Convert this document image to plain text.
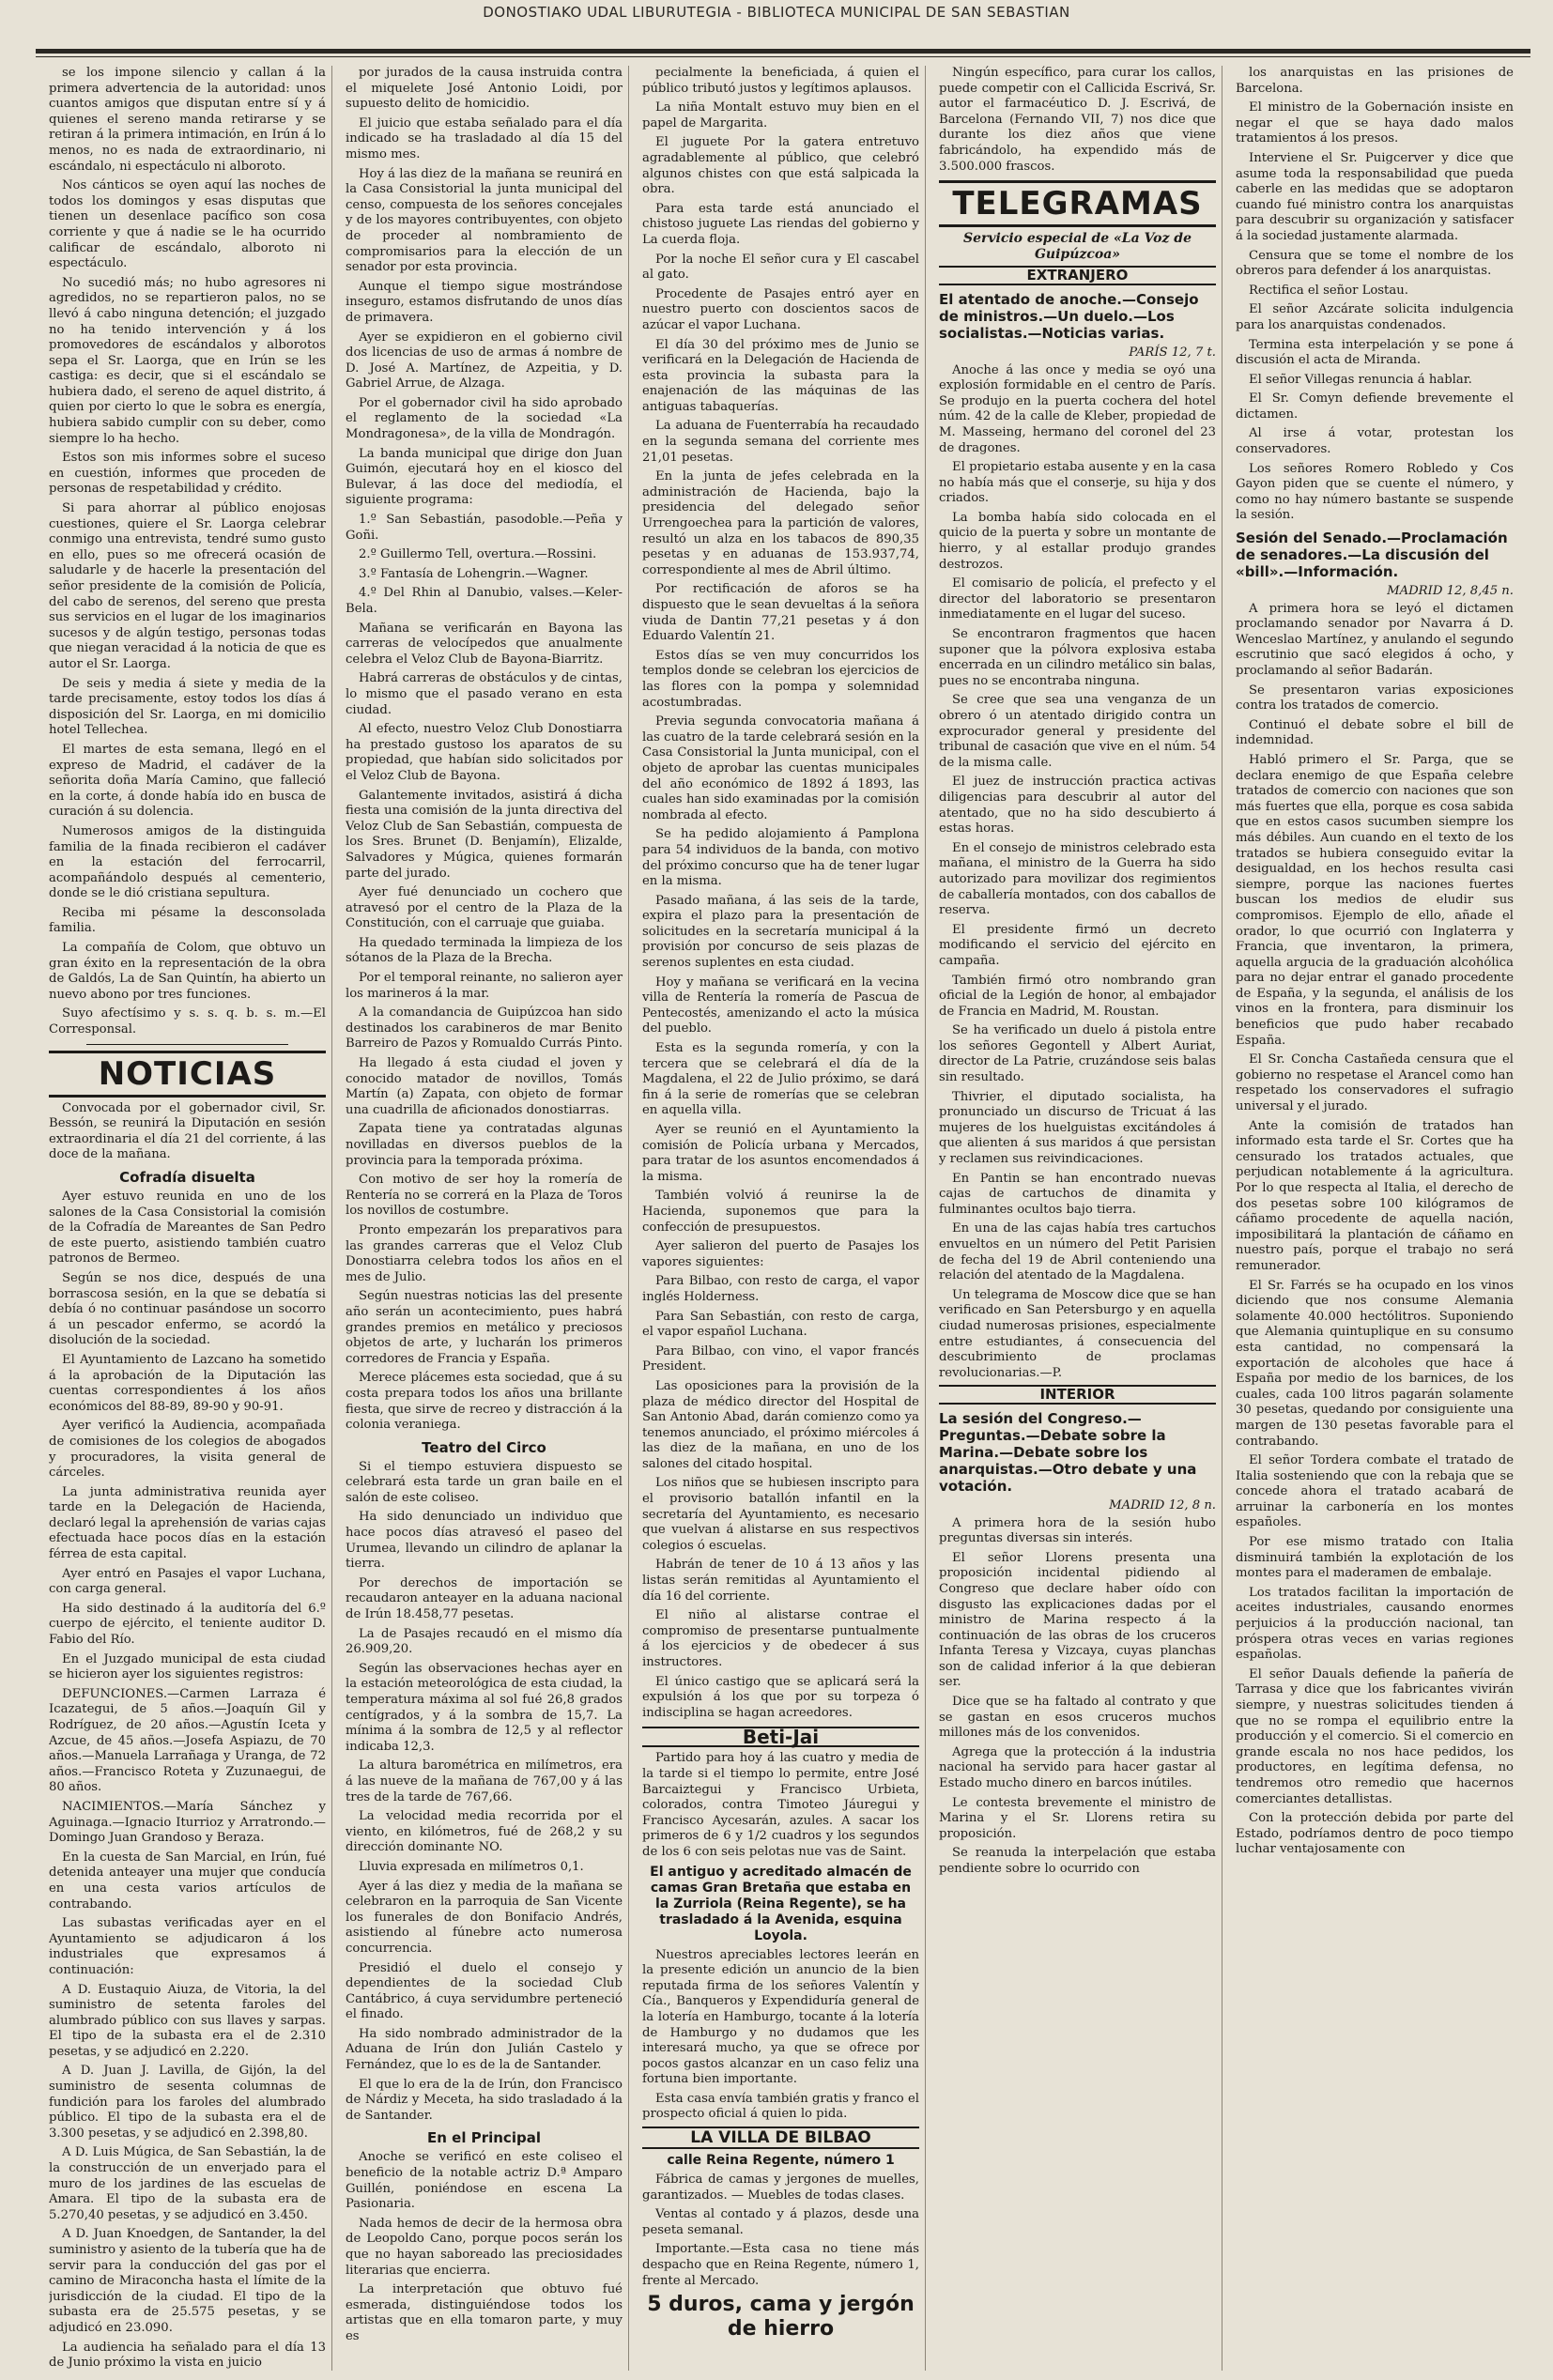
DONOSTIAKO UDAL LIBURUTEGIA - BIBLIOTECA MUNICIPAL DE SAN SEBASTIAN

se los impone silencio y callan á la primera advertencia de la autoridad: unos cuantos amigos que disputan entre sí y á quienes el sereno manda retirarse y se retiran á la primera intimación, en Irún á lo menos, no es nada de extraordinario, ni escándalo, ni espectáculo ni alboroto.

Nos cánticos se oyen aquí las noches de todos los domingos y esas disputas que tienen un desenlace pacífico son cosa corriente y que á nadie se le ha ocurrido calificar de escándalo, alboroto ni espectáculo.

No sucedió más; no hubo agresores ni agredidos, no se repartieron palos, no se llevó á cabo ninguna detención; el juzgado no ha tenido intervención y á los promovedores de escándalos y alborotos sepa el Sr. Laorga, que en Irún se les castiga: es decir, que si el escándalo se hubiera dado, el sereno de aquel distrito, á quien por cierto lo que le sobra es energía, hubiera sabido cumplir con su deber, como siempre lo ha hecho.

Estos son mis informes sobre el suceso en cuestión, informes que proceden de personas de respetabilidad y crédito.

Si para ahorrar al público enojosas cuestiones, quiere el Sr. Laorga celebrar conmigo una entrevista, tendré sumo gusto en ello, pues so me ofrecerá ocasión de saludarle y de hacerle la presentación del señor presidente de la comisión de Policía, del cabo de serenos, del sereno que presta sus servicios en el lugar de los imaginarios sucesos y de algún testigo, personas todas que niegan veracidad á la noticia de que es autor el Sr. Laorga.

De seis y media á siete y media de la tarde precisamente, estoy todos los días á disposición del Sr. Laorga, en mi domicilio hotel Tellechea.

El martes de esta semana, llegó en el expreso de Madrid, el cadáver de la señorita doña María Camino, que falleció en la corte, á donde había ido en busca de curación á su dolencia.

Numerosos amigos de la distinguida familia de la finada recibieron el cadáver en la estación del ferrocarril, acompañándolo después al cementerio, donde se le dió cristiana sepultura.

Reciba mi pésame la desconsolada familia.

La compañía de Colom, que obtuvo un gran éxito en la representación de la obra de Galdós, La de San Quintín, ha abierto un nuevo abono por tres funciones.

Suyo afectísimo y s. s. q. b. s. m.—El Corresponsal.

NOTICIAS

Convocada por el gobernador civil, Sr. Bessón, se reunirá la Diputación en sesión extraordinaria el día 21 del corriente, á las doce de la mañana.

Cofradía disuelta

Ayer estuvo reunida en uno de los salones de la Casa Consistorial la comisión de la Cofradía de Mareantes de San Pedro de este puerto, asistiendo también cuatro patronos de Bermeo.

Según se nos dice, después de una borrascosa sesión, en la que se debatía si debía ó no continuar pasándose un socorro á un pescador enfermo, se acordó la disolución de la sociedad.

El Ayuntamiento de Lazcano ha sometido á la aprobación de la Diputación las cuentas correspondientes á los años económicos del 88-89, 89-90 y 90-91.

Ayer verificó la Audiencia, acompañada de comisiones de los colegios de abogados y procuradores, la visita general de cárceles.

La junta administrativa reunida ayer tarde en la Delegación de Hacienda, declaró legal la aprehensión de varias cajas efectuada hace pocos días en la estación férrea de esta capital.

Ayer entró en Pasajes el vapor Luchana, con carga general.

Ha sido destinado á la auditoría del 6.º cuerpo de ejército, el teniente auditor D. Fabio del Río.

En el Juzgado municipal de esta ciudad se hicieron ayer los siguientes registros:

DEFUNCIONES.—Carmen Larraza é Icazategui, de 5 años.—Joaquín Gil y Rodríguez, de 20 años.—Agustín Iceta y Azcue, de 45 años.—Josefa Aspiazu, de 70 años.—Manuela Larrañaga y Uranga, de 72 años.—Francisco Roteta y Zuzunaegui, de 80 años.

NACIMIENTOS.—María Sánchez y Aguinaga.—Ignacio Iturrioz y Arratrondo.—Domingo Juan Grandoso y Beraza.

En la cuesta de San Marcial, en Irún, fué detenida anteayer una mujer que conducía en una cesta varios artículos de contrabando.

Las subastas verificadas ayer en el Ayuntamiento se adjudicaron á los industriales que expresamos á continuación:

A D. Eustaquio Aiuza, de Vitoria, la del suministro de setenta faroles del alumbrado público con sus llaves y sarpas. El tipo de la subasta era el de 2.310 pesetas, y se adjudicó en 2.220.

A D. Juan J. Lavilla, de Gijón, la del suministro de sesenta columnas de fundición para los faroles del alumbrado público. El tipo de la subasta era el de 3.300 pesetas, y se adjudicó en 2.398,80.

A D. Luis Múgica, de San Sebastián, la de la construcción de un enverjado para el muro de los jardines de las escuelas de Amara. El tipo de la subasta era de 5.270,40 pesetas, y se adjudicó en 3.450.

A D. Juan Knoedgen, de Santander, la del suministro y asiento de la tubería que ha de servir para la conducción del gas por el camino de Miraconcha hasta el límite de la jurisdicción de la ciudad. El tipo de la subasta era de 25.575 pesetas, y se adjudicó en 23.090.

La audiencia ha señalado para el día 13 de Junio próximo la vista en juicio

por jurados de la causa instruida contra el miquelete José Antonio Loidi, por supuesto delito de homicidio.

El juicio que estaba señalado para el día indicado se ha trasladado al día 15 del mismo mes.

Hoy á las diez de la mañana se reunirá en la Casa Consistorial la junta municipal del censo, compuesta de los señores concejales y de los mayores contribuyentes, con objeto de proceder al nombramiento de compromisarios para la elección de un senador por esta provincia.

Aunque el tiempo sigue mostrándose inseguro, estamos disfrutando de unos días de primavera.

Ayer se expidieron en el gobierno civil dos licencias de uso de armas á nombre de D. José A. Martínez, de Azpeitia, y D. Gabriel Arrue, de Alzaga.

Por el gobernador civil ha sido aprobado el reglamento de la sociedad «La Mondragonesa», de la villa de Mondragón.

La banda municipal que dirige don Juan Guimón, ejecutará hoy en el kiosco del Bulevar, á las doce del mediodía, el siguiente programa:

1.º San Sebastián, pasodoble.—Peña y Goñi.

2.º Guillermo Tell, overtura.—Rossini.

3.º Fantasía de Lohengrin.—Wagner.

4.º Del Rhin al Danubio, valses.—Keler-Bela.

Mañana se verificarán en Bayona las carreras de velocípedos que anualmente celebra el Veloz Club de Bayona-Biarritz.

Habrá carreras de obstáculos y de cintas, lo mismo que el pasado verano en esta ciudad.

Al efecto, nuestro Veloz Club Donostiarra ha prestado gustoso los aparatos de su propiedad, que habían sido solicitados por el Veloz Club de Bayona.

Galantemente invitados, asistirá á dicha fiesta una comisión de la junta directiva del Veloz Club de San Sebastián, compuesta de los Sres. Brunet (D. Benjamín), Elizalde, Salvadores y Múgica, quienes formarán parte del jurado.

Ayer fué denunciado un cochero que atravesó por el centro de la Plaza de la Constitución, con el carruaje que guiaba.

Ha quedado terminada la limpieza de los sótanos de la Plaza de la Brecha.

Por el temporal reinante, no salieron ayer los marineros á la mar.

A la comandancia de Guipúzcoa han sido destinados los carabineros de mar Benito Barreiro de Pazos y Romualdo Currás Pinto.

Ha llegado á esta ciudad el joven y conocido matador de novillos, Tomás Martín (a) Zapata, con objeto de formar una cuadrilla de aficionados donostiarras.

Zapata tiene ya contratadas algunas novilladas en diversos pueblos de la provincia para la temporada próxima.

Con motivo de ser hoy la romería de Rentería no se correrá en la Plaza de Toros los novillos de costumbre.

Pronto empezarán los preparativos para las grandes carreras que el Veloz Club Donostiarra celebra todos los años en el mes de Julio.

Según nuestras noticias las del presente año serán un acontecimiento, pues habrá grandes premios en metálico y preciosos objetos de arte, y lucharán los primeros corredores de Francia y España.

Merece plácemes esta sociedad, que á su costa prepara todos los años una brillante fiesta, que sirve de recreo y distracción á la colonia veraniega.

Teatro del Circo

Si el tiempo estuviera dispuesto se celebrará esta tarde un gran baile en el salón de este coliseo.

Ha sido denunciado un individuo que hace pocos días atravesó el paseo del Urumea, llevando un cilindro de aplanar la tierra.

Por derechos de importación se recaudaron anteayer en la aduana nacional de Irún 18.458,77 pesetas.

La de Pasajes recaudó en el mismo día 26.909,20.

Según las observaciones hechas ayer en la estación meteorológica de esta ciudad, la temperatura máxima al sol fué 26,8 grados centígrados, y á la sombra de 15,7. La mínima á la sombra de 12,5 y al reflector indicaba 12,3.

La altura barométrica en milímetros, era á las nueve de la mañana de 767,00 y á las tres de la tarde de 767,66.

La velocidad media recorrida por el viento, en kilómetros, fué de 268,2 y su dirección dominante NO.

Lluvia expresada en milímetros 0,1.

Ayer á las diez y media de la mañana se celebraron en la parroquia de San Vicente los funerales de don Bonifacio Andrés, asistiendo al fúnebre acto numerosa concurrencia.

Presidió el duelo el consejo y dependientes de la sociedad Club Cantábrico, á cuya servidumbre perteneció el finado.

Ha sido nombrado administrador de la Aduana de Irún don Julián Castelo y Fernández, que lo es de la de Santander.

El que lo era de la de Irún, don Francisco de Nárdiz y Meceta, ha sido trasladado á la de Santander.

En el Principal

Anoche se verificó en este coliseo el beneficio de la notable actriz D.ª Amparo Guillén, poniéndose en escena La Pasionaria.

Nada hemos de decir de la hermosa obra de Leopoldo Cano, porque pocos serán los que no hayan saboreado las preciosidades literarias que encierra.

La interpretación que obtuvo fué esmerada, distinguiéndose todos los artistas que en ella tomaron parte, y muy es

pecialmente la beneficiada, á quien el público tributó justos y legítimos aplausos.

La niña Montalt estuvo muy bien en el papel de Margarita.

El juguete Por la gatera entretuvo agradablemente al público, que celebró algunos chistes con que está salpicada la obra.

Para esta tarde está anunciado el chistoso juguete Las riendas del gobierno y La cuerda floja.

Por la noche El señor cura y El cascabel al gato.

Procedente de Pasajes entró ayer en nuestro puerto con doscientos sacos de azúcar el vapor Luchana.

El día 30 del próximo mes de Junio se verificará en la Delegación de Hacienda de esta provincia la subasta para la enajenación de las máquinas de las antiguas tabaquerías.

La aduana de Fuenterrabía ha recaudado en la segunda semana del corriente mes 21,01 pesetas.

En la junta de jefes celebrada en la administración de Hacienda, bajo la presidencia del delegado señor Urrengoechea para la partición de valores, resultó un alza en los tabacos de 890,35 pesetas y en aduanas de 153.937,74, correspondiente al mes de Abril último.

Por rectificación de aforos se ha dispuesto que le sean devueltas á la señora viuda de Dantin 77,21 pesetas y á don Eduardo Valentín 21.

Estos días se ven muy concurridos los templos donde se celebran los ejercicios de las flores con la pompa y solemnidad acostumbradas.

Previa segunda convocatoria mañana á las cuatro de la tarde celebrará sesión en la Casa Consistorial la Junta municipal, con el objeto de aprobar las cuentas municipales del año económico de 1892 á 1893, las cuales han sido examinadas por la comisión nombrada al efecto.

Se ha pedido alojamiento á Pamplona para 54 individuos de la banda, con motivo del próximo concurso que ha de tener lugar en la misma.

Pasado mañana, á las seis de la tarde, expira el plazo para la presentación de solicitudes en la secretaría municipal á la provisión por concurso de seis plazas de serenos suplentes en esta ciudad.

Hoy y mañana se verificará en la vecina villa de Rentería la romería de Pascua de Pentecostés, amenizando el acto la música del pueblo.

Esta es la segunda romería, y con la tercera que se celebrará el día de la Magdalena, el 22 de Julio próximo, se dará fin á la serie de romerías que se celebran en aquella villa.

Ayer se reunió en el Ayuntamiento la comisión de Policía urbana y Mercados, para tratar de los asuntos encomendados á la misma.

También volvió á reunirse la de Hacienda, suponemos que para la confección de presupuestos.

Ayer salieron del puerto de Pasajes los vapores siguientes:

Para Bilbao, con resto de carga, el vapor inglés Holderness.

Para San Sebastián, con resto de carga, el vapor español Luchana.

Para Bilbao, con vino, el vapor francés President.

Las oposiciones para la provisión de la plaza de médico director del Hospital de San Antonio Abad, darán comienzo como ya tenemos anunciado, el próximo miércoles á las diez de la mañana, en uno de los salones del citado hospital.

Los niños que se hubiesen inscripto para el provisorio batallón infantil en la secretaría del Ayuntamiento, es necesario que vuelvan á alistarse en sus respectivos colegios ó escuelas.

Habrán de tener de 10 á 13 años y las listas serán remitidas al Ayuntamiento el día 16 del corriente.

El niño al alistarse contrae el compromiso de presentarse puntualmente á los ejercicios y de obedecer á sus instructores.

El único castigo que se aplicará será la expulsión á los que por su torpeza ó indisciplina se hagan acreedores.

Beti-Jai

Partido para hoy á las cuatro y media de la tarde si el tiempo lo permite, entre José Barcaiztegui y Francisco Urbieta, colorados, contra Timoteo Jáuregui y Francisco Aycesarán, azules. A sacar los primeros de 6 y 1/2 cuadros y los segundos de los 6 con seis pelotas nue vas de Saint.

El antiguo y acreditado almacén de camas Gran Bretaña que estaba en la Zurriola (Reina Regente), se ha trasladado á la Avenida, esquina Loyola.

Nuestros apreciables lectores leerán en la presente edición un anuncio de la bien reputada firma de los señores Valentín y Cía., Banqueros y Expendiduría general de la lotería en Hamburgo, tocante á la lotería de Hamburgo y no dudamos que les interesará mucho, ya que se ofrece por pocos gastos alcanzar en un caso feliz una fortuna bien importante.

Esta casa envía también gratis y franco el prospecto oficial á quien lo pida.

LA VILLA DE BILBAO
calle Reina Regente, número 1

Fábrica de camas y jergones de muelles, garantizados. — Muebles de todas clases.

Ventas al contado y á plazos, desde una peseta semanal.

Importante.—Esta casa no tiene más despacho que en Reina Regente, número 1, frente al Mercado.

5 duros, cama y jergón de hierro

Ningún específico, para curar los callos, puede competir con el Callicida Escrivá, Sr. autor el farmacéutico D. J. Escrivá, de Barcelona (Fernando VII, 7) nos dice que durante los diez años que viene fabricándolo, ha expendido más de 3.500.000 frascos.

TELEGRAMAS
Servicio especial de «La Voz de Guipúzcoa»
EXTRANJERO
El atentado de anoche.—Consejo de ministros.—Un duelo.—Los socialistas.—Noticias varias.
PARÍS 12, 7 t.

Anoche á las once y media se oyó una explosión formidable en el centro de París. Se produjo en la puerta cochera del hotel núm. 42 de la calle de Kleber, propiedad de M. Masseing, hermano del coronel del 23 de dragones.

El propietario estaba ausente y en la casa no había más que el conserje, su hija y dos criados.

La bomba había sido colocada en el quicio de la puerta y sobre un montante de hierro, y al estallar produjo grandes destrozos.

El comisario de policía, el prefecto y el director del laboratorio se presentaron inmediatamente en el lugar del suceso.

Se encontraron fragmentos que hacen suponer que la pólvora explosiva estaba encerrada en un cilindro metálico sin balas, pues no se encontraba ninguna.

Se cree que sea una venganza de un obrero ó un atentado dirigido contra un exprocurador general y presidente del tribunal de casación que vive en el núm. 54 de la misma calle.

El juez de instrucción practica activas diligencias para descubrir al autor del atentado, que no ha sido descubierto á estas horas.

En el consejo de ministros celebrado esta mañana, el ministro de la Guerra ha sido autorizado para movilizar dos regimientos de caballería montados, con dos caballos de reserva.

El presidente firmó un decreto modificando el servicio del ejército en campaña.

También firmó otro nombrando gran oficial de la Legión de honor, al embajador de Francia en Madrid, M. Roustan.

Se ha verificado un duelo á pistola entre los señores Gegontell y Albert Auriat, director de La Patrie, cruzándose seis balas sin resultado.

Thivrier, el diputado socialista, ha pronunciado un discurso de Tricuat á las mujeres de los huelguistas excitándoles á que alienten á sus maridos á que persistan y reclamen sus reivindicaciones.

En Pantin se han encontrado nuevas cajas de cartuchos de dinamita y fulminantes ocultos bajo tierra.

En una de las cajas había tres cartuchos envueltos en un número del Petit Parisien de fecha del 19 de Abril conteniendo una relación del atentado de la Magdalena.

Un telegrama de Moscow dice que se han verificado en San Petersburgo y en aquella ciudad numerosas prisiones, especialmente entre estudiantes, á consecuencia del descubrimiento de proclamas revolucionarias.—P.

INTERIOR
La sesión del Congreso.—Preguntas.—Debate sobre la Marina.—Debate sobre los anarquistas.—Otro debate y una votación.
MADRID 12, 8 n.

A primera hora de la sesión hubo preguntas diversas sin interés.

El señor Llorens presenta una proposición incidental pidiendo al Congreso que declare haber oído con disgusto las explicaciones dadas por el ministro de Marina respecto á la continuación de las obras de los cruceros Infanta Teresa y Vizcaya, cuyas planchas son de calidad inferior á la que debieran ser.

Dice que se ha faltado al contrato y que se gastan en esos cruceros muchos millones más de los convenidos.

Agrega que la protección á la industria nacional ha servido para hacer gastar al Estado mucho dinero en barcos inútiles.

Le contesta brevemente el ministro de Marina y el Sr. Llorens retira su proposición.

Se reanuda la interpelación que estaba pendiente sobre lo ocurrido con

los anarquistas en las prisiones de Barcelona.

El ministro de la Gobernación insiste en negar el que se haya dado malos tratamientos á los presos.

Interviene el Sr. Puigcerver y dice que asume toda la responsabilidad que pueda caberle en las medidas que se adoptaron cuando fué ministro contra los anarquistas para descubrir su organización y satisfacer á la sociedad justamente alarmada.

Censura que se tome el nombre de los obreros para defender á los anarquistas.

Rectifica el señor Lostau.

El señor Azcárate solicita indulgencia para los anarquistas condenados.

Termina esta interpelación y se pone á discusión el acta de Miranda.

El señor Villegas renuncia á hablar.

El Sr. Comyn defiende brevemente el dictamen.

Al irse á votar, protestan los conservadores.

Los señores Romero Robledo y Cos Gayon piden que se cuente el número, y como no hay número bastante se suspende la sesión.

Sesión del Senado.—Proclamación de senadores.—La discusión del «bill».—Información.
MADRID 12, 8,45 n.

A primera hora se leyó el dictamen proclamando senador por Navarra á D. Wenceslao Martínez, y anulando el segundo escrutinio que sacó elegidos á ocho, y proclamando al señor Badarán.

Se presentaron varias exposiciones contra los tratados de comercio.

Continuó el debate sobre el bill de indemnidad.

Habló primero el Sr. Parga, que se declara enemigo de que España celebre tratados de comercio con naciones que son más fuertes que ella, porque es cosa sabida que en estos casos sucumben siempre los más débiles. Aun cuando en el texto de los tratados se hubiera conseguido evitar la desigualdad, en los hechos resulta casi siempre, porque las naciones fuertes buscan los medios de eludir sus compromisos. Ejemplo de ello, añade el orador, lo que ocurrió con Inglaterra y Francia, que inventaron, la primera, aquella argucia de la graduación alcohólica para no dejar entrar el ganado procedente de España, y la segunda, el análisis de los vinos en la frontera, para disminuir los beneficios que pudo haber recabado España.

El Sr. Concha Castañeda censura que el gobierno no respetase el Arancel como han respetado los conservadores el sufragio universal y el jurado.

Ante la comisión de tratados han informado esta tarde el Sr. Cortes que ha censurado los tratados actuales, que perjudican notablemente á la agricultura. Por lo que respecta al Italia, el derecho de dos pesetas sobre 100 kilógramos de cáñamo procedente de aquella nación, imposibilitará la plantación de cáñamo en nuestro país, porque el trabajo no será remunerador.

El Sr. Farrés se ha ocupado en los vinos diciendo que nos consume Alemania solamente 40.000 hectólitros. Suponiendo que Alemania quintuplique en su consumo esta cantidad, no compensará la exportación de alcoholes que hace á España por medio de los barnices, de los cuales, cada 100 litros pagarán solamente 30 pesetas, quedando por consiguiente una margen de 130 pesetas favorable para el contrabando.

El señor Tordera combate el tratado de Italia sosteniendo que con la rebaja que se concede ahora el tratado acabará de arruinar la carbonería en los montes españoles.

Por ese mismo tratado con Italia disminuirá también la explotación de los montes para el maderamen de embalaje.

Los tratados facilitan la importación de aceites industriales, causando enormes perjuicios á la producción nacional, tan próspera otras veces en varias regiones españolas.

El señor Dauals defiende la pañería de Tarrasa y dice que los fabricantes vivirán siempre, y nuestras solicitudes tienden á que no se rompa el equilibrio entre la producción y el comercio. Si el comercio en grande escala no nos hace pedidos, los productores, en legítima defensa, no tendremos otro remedio que hacernos comerciantes detallistas.

Con la protección debida por parte del Estado, podríamos dentro de poco tiempo luchar ventajosamente con
